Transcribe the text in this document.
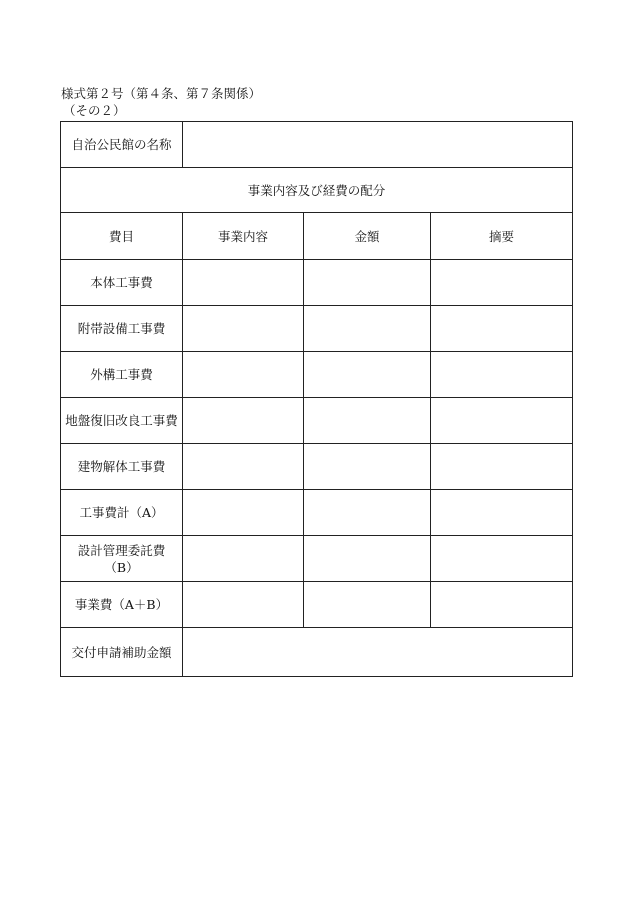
様式第２号（第４条、第７条関係）
（その２）
自治公民館の名称			
事業内容及び経費の配分			
費目	事業内容	金額	摘要
本体工事費			
附帯設備工事費			
外構工事費			
地盤復旧改良工事費			
建物解体工事費			
工事費計（A）			
設計管理委託費（B）			
事業費（A＋B）			
交付申請補助金額			
